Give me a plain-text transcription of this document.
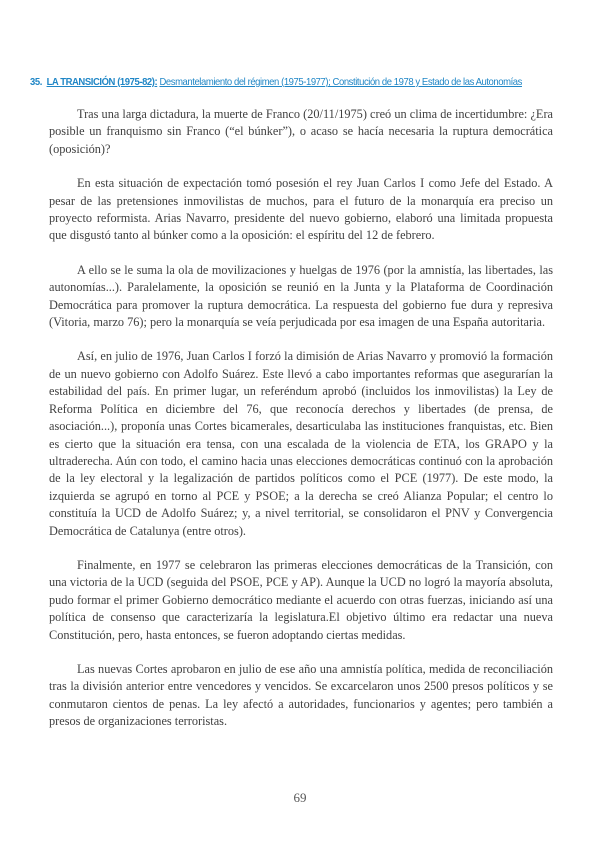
35. LA TRANSICIÓN (1975-82): Desmantelamiento del régimen (1975-1977); Constitución de 1978 y Estado de las Autonomías

Tras una larga dictadura, la muerte de Franco (20/11/1975) creó un clima de incertidumbre: ¿Era posible un franquismo sin Franco (“el búnker”), o acaso se hacía necesaria la ruptura democrática (oposición)?

En esta situación de expectación tomó posesión el rey Juan Carlos I como Jefe del Estado. A pesar de las pretensiones inmovilistas de muchos, para el futuro de la monarquía era preciso un proyecto reformista. Arias Navarro, presidente del nuevo gobierno, elaboró una limitada propuesta que disgustó tanto al búnker como a la oposición: el espíritu del 12 de febrero.

A ello se le suma la ola de movilizaciones y huelgas de 1976 (por la amnistía, las libertades, las autonomías...). Paralelamente, la oposición se reunió en la Junta y la Plataforma de Coordinación Democrática para promover la ruptura democrática. La respuesta del gobierno fue dura y represiva (Vitoria, marzo 76); pero la monarquía se veía perjudicada por esa imagen de una España autoritaria.

Así, en julio de 1976, Juan Carlos I forzó la dimisión de Arias Navarro y promovió la formación de un nuevo gobierno con Adolfo Suárez. Este llevó a cabo importantes reformas que asegurarían la estabilidad del país. En primer lugar, un referéndum aprobó (incluidos los inmovilistas) la Ley de Reforma Política en diciembre del 76, que reconocía derechos y libertades (de prensa, de asociación...), proponía unas Cortes bicamerales, desarticulaba las instituciones franquistas, etc. Bien es cierto que la situación era tensa, con una escalada de la violencia de ETA, los GRAPO y la ultraderecha. Aún con todo, el camino hacia unas elecciones democráticas continuó con la aprobación de la ley electoral y la legalización de partidos políticos como el PCE (1977). De este modo, la izquierda se agrupó en torno al PCE y PSOE; a la derecha se creó Alianza Popular; el centro lo constituía la UCD de Adolfo Suárez; y, a nivel territorial, se consolidaron el PNV y Convergencia Democrática de Catalunya (entre otros).

Finalmente, en 1977 se celebraron las primeras elecciones democráticas de la Transición, con una victoria de la UCD (seguida del PSOE, PCE y AP). Aunque la UCD no logró la mayoría absoluta, pudo formar el primer Gobierno democrático mediante el acuerdo con otras fuerzas, iniciando así una política de consenso que caracterizaría la legislatura.El objetivo último era redactar una nueva Constitución, pero, hasta entonces, se fueron adoptando ciertas medidas.

Las nuevas Cortes aprobaron en julio de ese año una amnistía política, medida de reconciliación tras la división anterior entre vencedores y vencidos. Se excarcelaron unos 2500 presos políticos y se conmutaron cientos de penas. La ley afectó a autoridades, funcionarios y agentes; pero también a presos de organizaciones terroristas.

69
